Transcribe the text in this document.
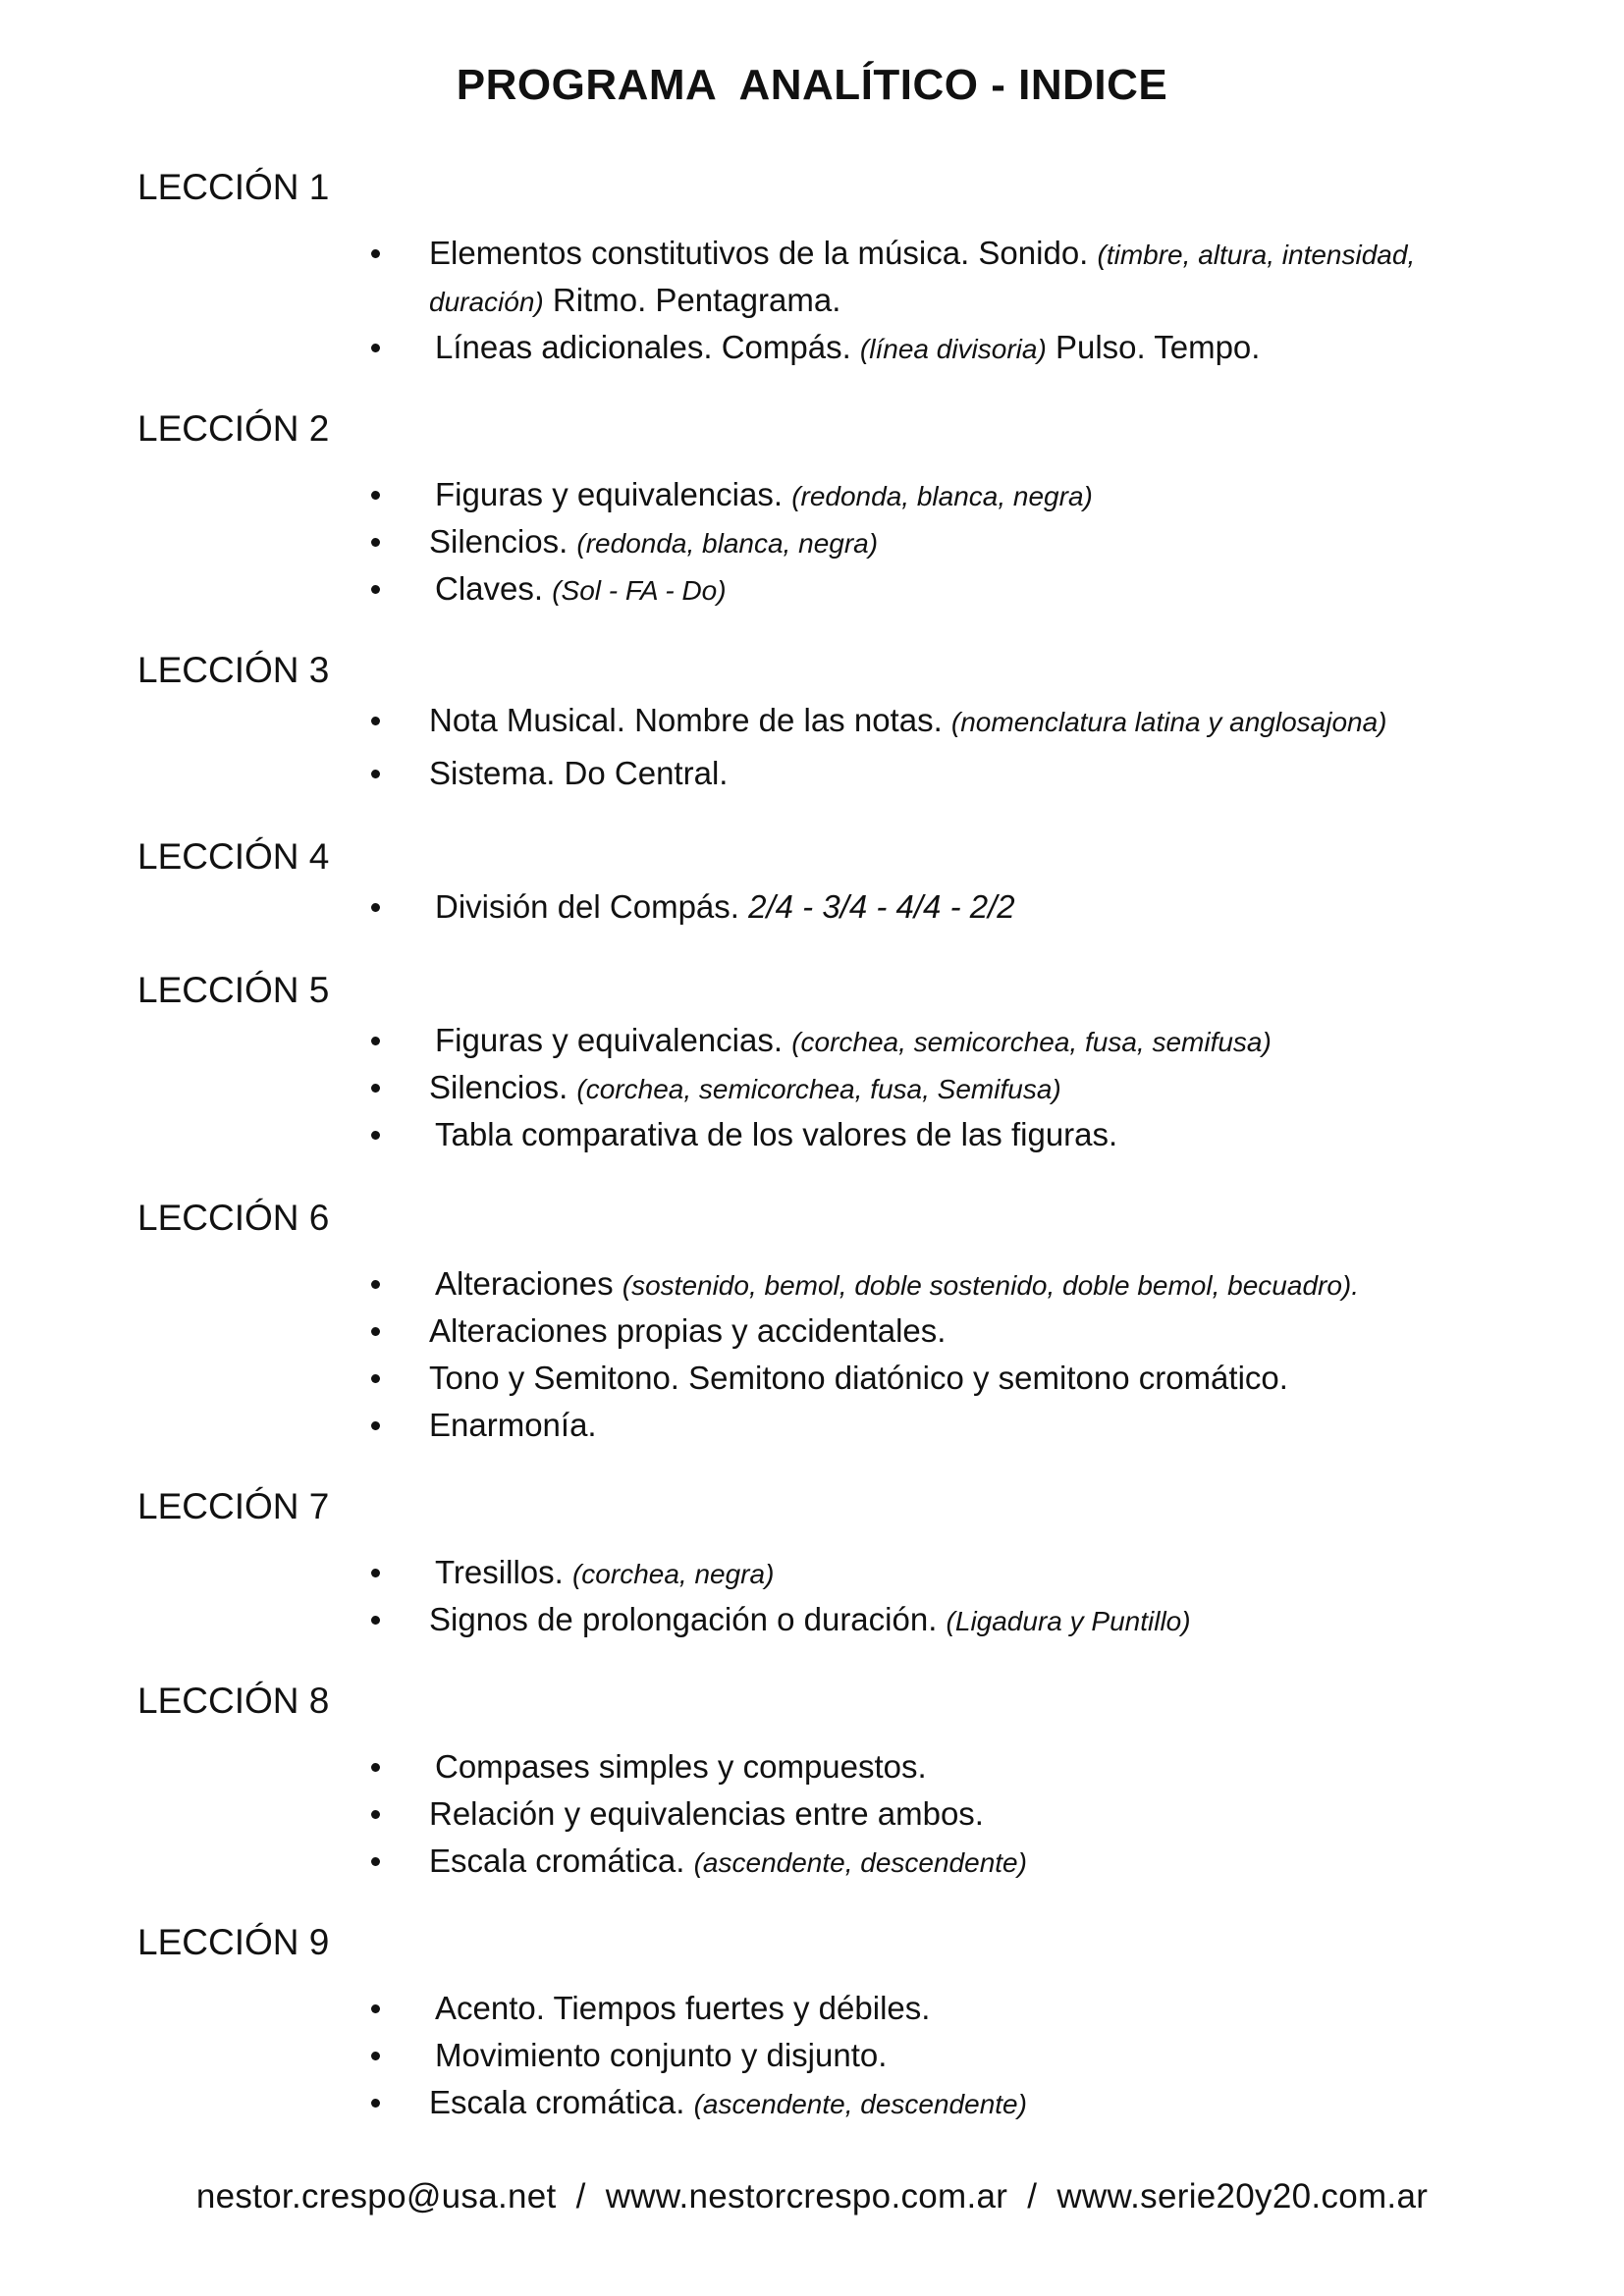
PROGRAMA  ANALÍTICO - INDICE
LECCIÓN 1
Elementos constitutivos de la música. Sonido. (timbre, altura, intensidad,
duración) Ritmo. Pentagrama.
Líneas adicionales. Compás. (línea divisoria) Pulso. Tempo.
LECCIÓN 2
Figuras y equivalencias. (redonda, blanca, negra)
Silencios. (redonda, blanca, negra)
Claves. (Sol - FA - Do)
LECCIÓN 3
Nota Musical. Nombre de las notas. (nomenclatura latina y anglosajona)
Sistema. Do Central.
LECCIÓN 4
División del Compás. 2/4 - 3/4 - 4/4 - 2/2
LECCIÓN 5
Figuras y equivalencias. (corchea, semicorchea, fusa, semifusa)
Silencios. (corchea, semicorchea, fusa, Semifusa)
Tabla comparativa de los valores de las figuras.
LECCIÓN 6
Alteraciones (sostenido, bemol, doble sostenido, doble bemol, becuadro).
Alteraciones propias y accidentales.
Tono y Semitono. Semitono diatónico y semitono cromático.
Enarmonía.
LECCIÓN 7
Tresillos. (corchea, negra)
Signos de prolongación o duración. (Ligadura y Puntillo)
LECCIÓN 8
Compases simples y compuestos.
Relación y equivalencias entre ambos.
Escala cromática. (ascendente, descendente)
LECCIÓN 9
Acento. Tiempos fuertes y débiles.
Movimiento conjunto y disjunto.
Escala cromática. (ascendente, descendente)
nestor.crespo@usa.net  /  www.nestorcrespo.com.ar  /  www.serie20y20.com.ar
